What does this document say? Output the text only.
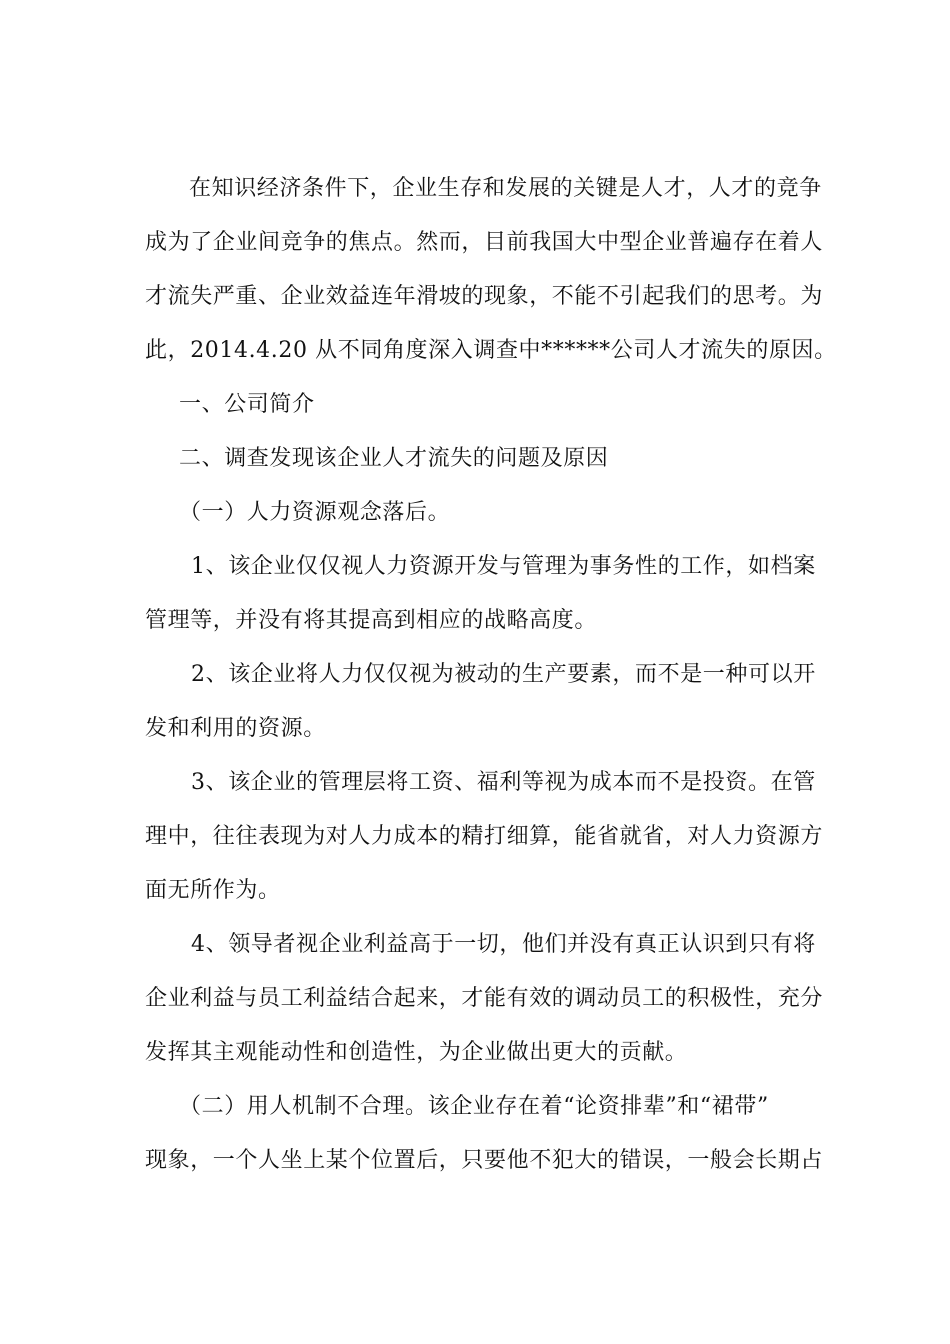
在知识经济条件下，企业生存和发展的关键是人才，人才的竞争
成为了企业间竞争的焦点。然而，目前我国大中型企业普遍存在着人
才流失严重、企业效益连年滑坡的现象，不能不引起我们的思考。为
此，2014.4.20 从不同角度深入调查中******公司人才流失的原因。
一、公司简介
二、调查发现该企业人才流失的问题及原因
（一）人力资源观念落后。
1、该企业仅仅视人力资源开发与管理为事务性的工作，如档案
管理等，并没有将其提高到相应的战略高度。
2、该企业将人力仅仅视为被动的生产要素，而不是一种可以开
发和利用的资源。
3、该企业的管理层将工资、福利等视为成本而不是投资。在管
理中，往往表现为对人力成本的精打细算，能省就省，对人力资源方
面无所作为。
4、领导者视企业利益高于一切，他们并没有真正认识到只有将
企业利益与员工利益结合起来，才能有效的调动员工的积极性，充分
发挥其主观能动性和创造性，为企业做出更大的贡献。
（二）用人机制不合理。该企业存在着“论资排辈”和“裙带”
现象，一个人坐上某个位置后，只要他不犯大的错误，一般会长期占
